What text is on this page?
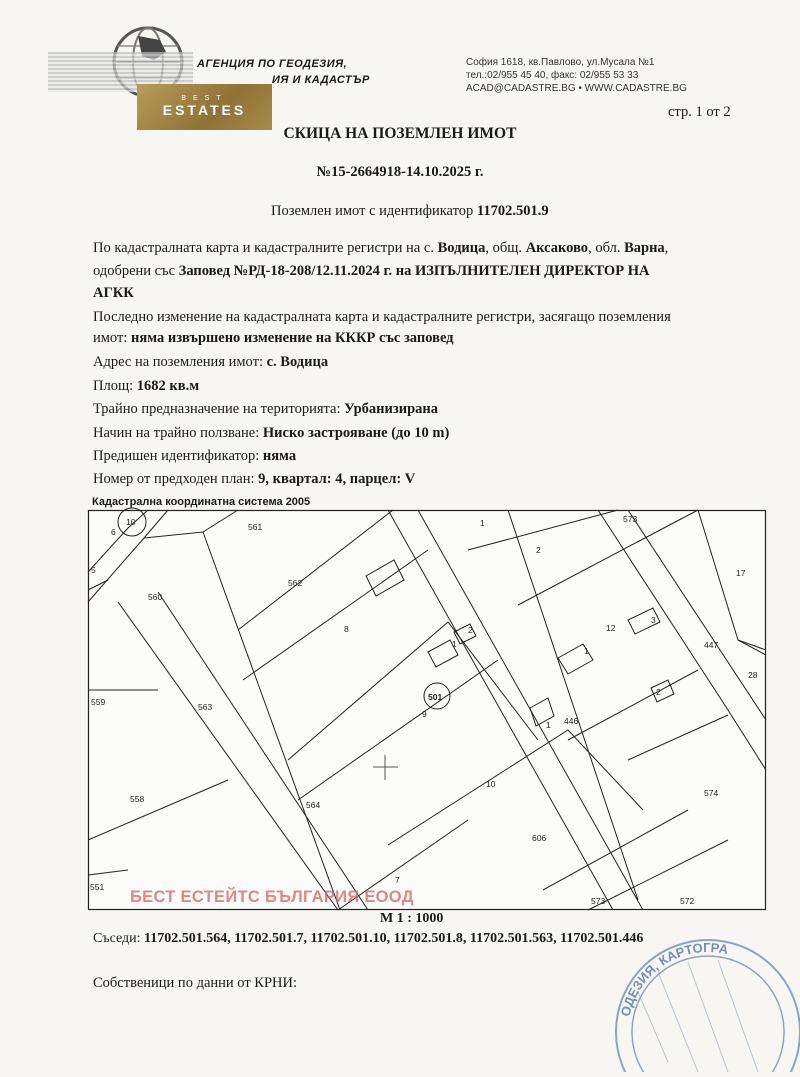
АГЕНЦИЯ ПО ГЕОДЕЗИЯ,
ИЯ И КАДАСТЪР
София 1618, кв.Павлово, ул.Мусала №1
тел.:02/955 45 40, факс: 02/955 53 33
ACAD@CADASTRE.BG • WWW.CADASTRE.BG
BEST
ESTATES	стр. 1 от 2
СКИЦА НА ПОЗЕМЛЕН ИМОТ
№15-2664918-14.10.2025 г.
Поземлен имот с идентификатор 11702.501.9
По кадастралната карта и кадастралните регистри на с. Водица, общ. Аксаково, обл. Варна,
одобрени със Заповед №РД-18-208/12.11.2024 г. на ИЗПЪЛНИТЕЛЕН ДИРЕКТОР НА
АГКК
Последно изменение на кадастралната карта и кадастралните регистри, засягащо поземления
имот: няма извършено изменение на КККР със заповед
Адрес на поземления имот: с. Водица
Площ: 1682 кв.м
Трайно предназначение на територията: Урбанизирана
Начин на трайно ползване: Ниско застрояване (до 10 m)
Предишен идентификатор: няма
Номер от предходен план: 9, квартал: 4, парцел: V
Кадастрална координатна система 2005
10
6	561	1	573
2
17
5
560
562
8	12
3
447
28
1
2
1
501
9
559	563
2
446
1
10
558
564
574
606
551
7
573	572
БЕСТ ЕСТЕЙТС БЪЛГАРИЯ ЕООД
М 1 : 1000
Съседи: 11702.501.564, 11702.501.7, 11702.501.10, 11702.501.8, 11702.501.563, 11702.501.446
Собственици по данни от КРНИ:
ОДЕЗИЯ, КАРТОГРА
